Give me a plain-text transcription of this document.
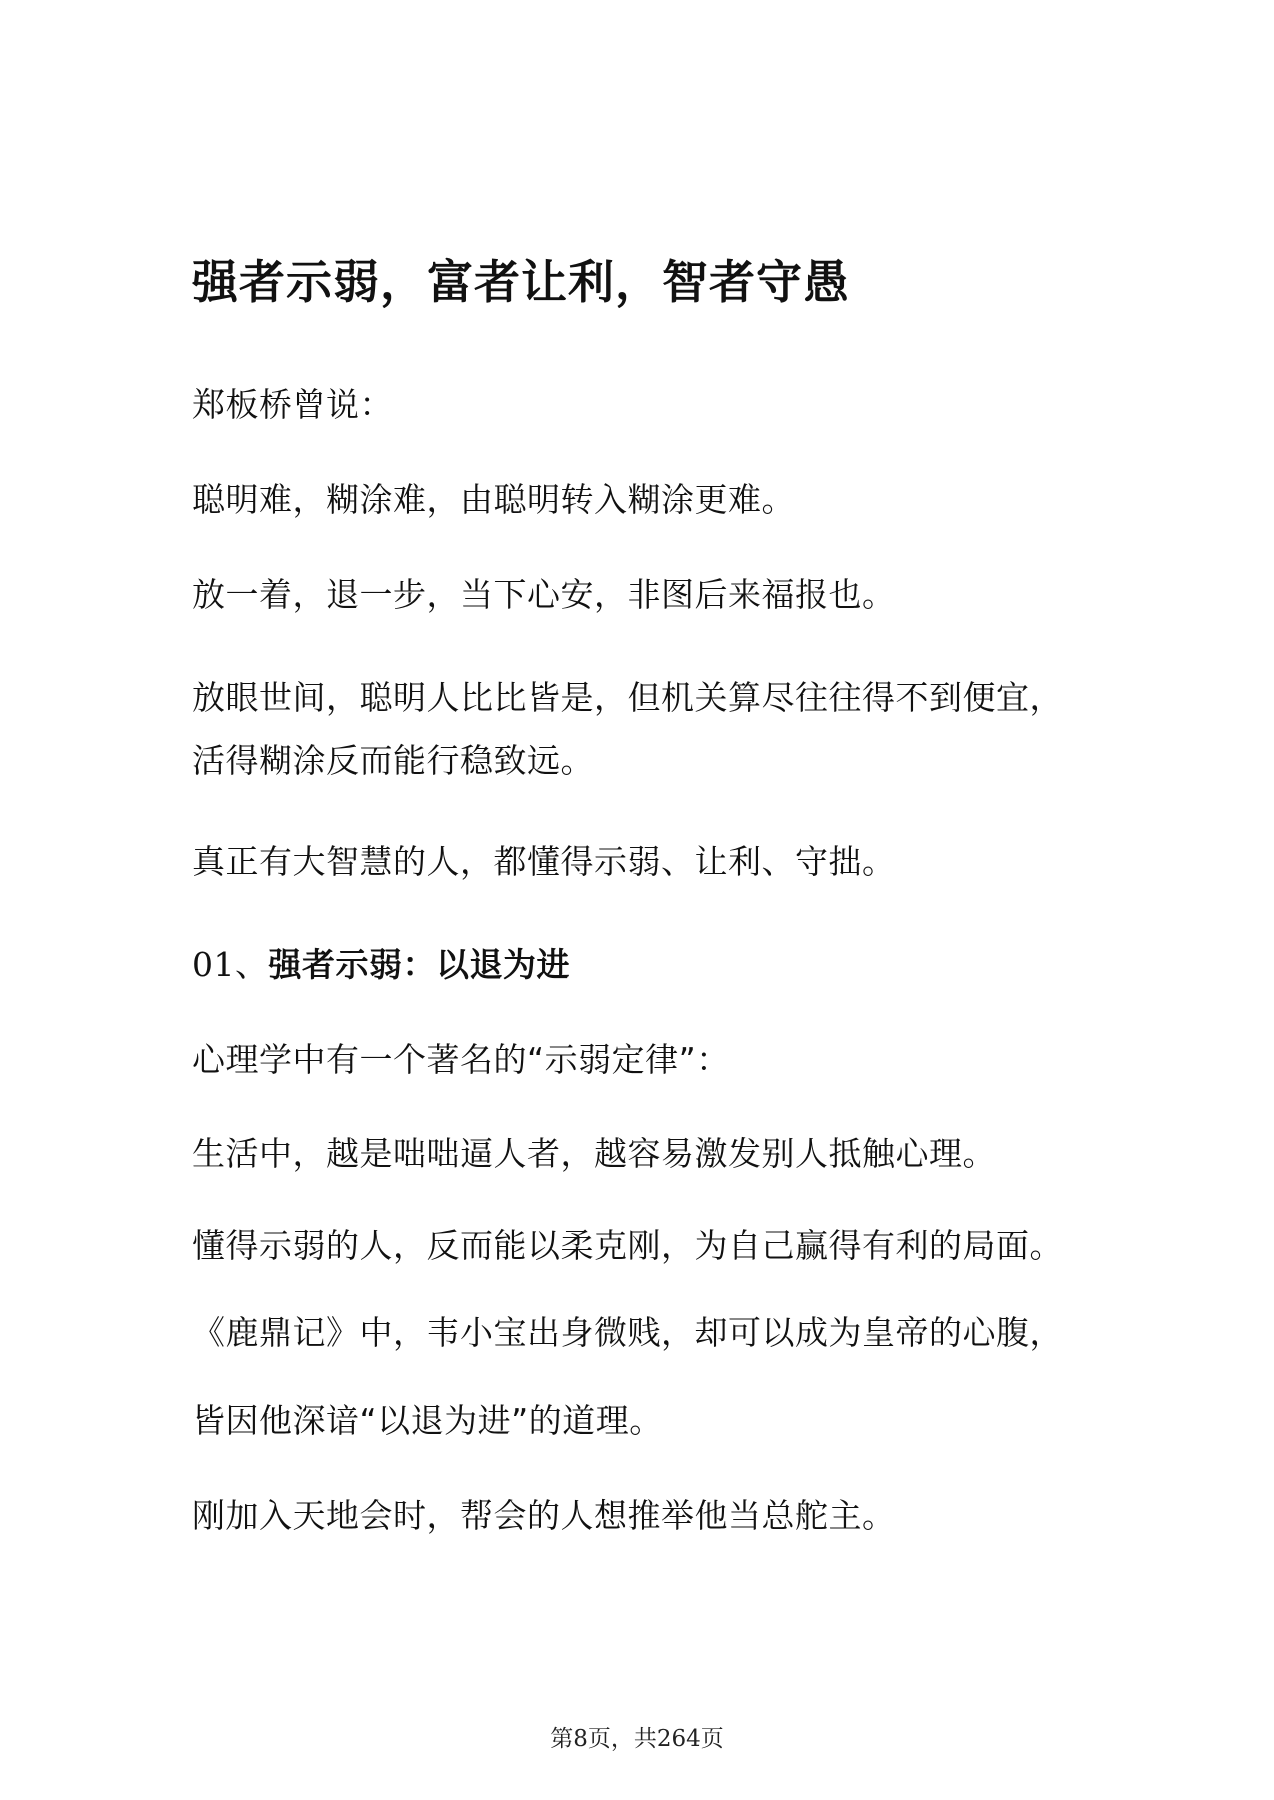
强者示弱，富者让利，智者守愚

郑板桥曾说：

聪明难，糊涂难，由聪明转入糊涂更难。

放一着，退一步，当下心安，非图后来福报也。

放眼世间，聪明人比比皆是，但机关算尽往往得不到便宜，

活得糊涂反而能行稳致远。

真正有大智慧的人，都懂得示弱、让利、守拙。

01、强者示弱：以退为进

心理学中有一个著名的“示弱定律”：

生活中，越是咄咄逼人者，越容易激发别人抵触心理。

懂得示弱的人，反而能以柔克刚，为自己赢得有利的局面。

《鹿鼎记》中，韦小宝出身微贱，却可以成为皇帝的心腹，

皆因他深谙“以退为进”的道理。

刚加入天地会时，帮会的人想推举他当总舵主。

第8页，共264页
